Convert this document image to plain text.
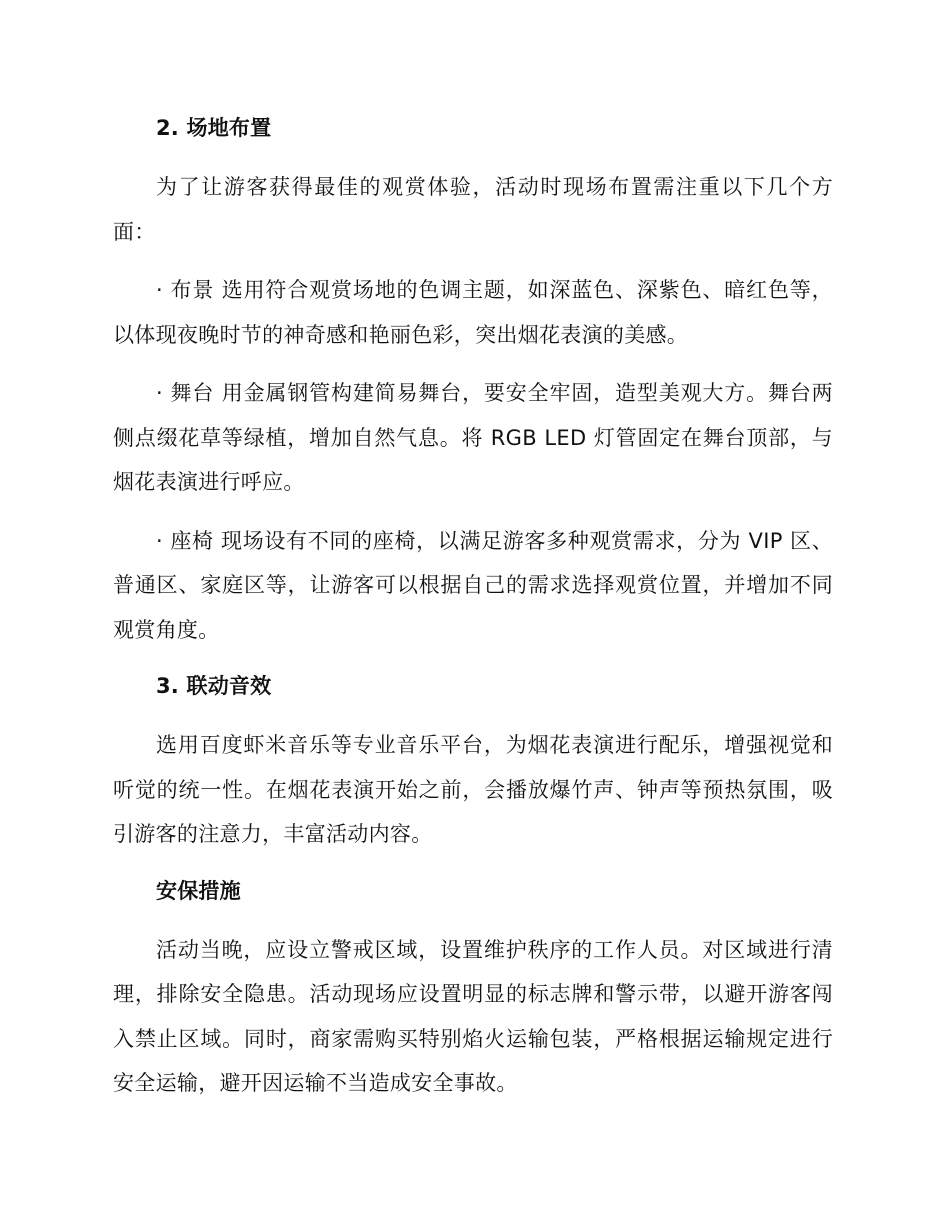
2. 场地布置

为了让游客获得最佳的观赏体验，活动时现场布置需注重以下几个方面：

· 布景 选用符合观赏场地的色调主题，如深蓝色、深紫色、暗红色等，以体现夜晚时节的神奇感和艳丽色彩，突出烟花表演的美感。

· 舞台 用金属钢管构建简易舞台，要安全牢固，造型美观大方。舞台两侧点缀花草等绿植，增加自然气息。将 RGB LED 灯管固定在舞台顶部，与烟花表演进行呼应。

· 座椅 现场设有不同的座椅，以满足游客多种观赏需求，分为 VIP 区、普通区、家庭区等，让游客可以根据自己的需求选择观赏位置，并增加不同观赏角度。

3. 联动音效

选用百度虾米音乐等专业音乐平台，为烟花表演进行配乐，增强视觉和听觉的统一性。在烟花表演开始之前，会播放爆竹声、钟声等预热氛围，吸引游客的注意力，丰富活动内容。

安保措施

活动当晚，应设立警戒区域，设置维护秩序的工作人员。对区域进行清理，排除安全隐患。活动现场应设置明显的标志牌和警示带，以避开游客闯入禁止区域。同时，商家需购买特别焰火运输包装，严格根据运输规定进行安全运输，避开因运输不当造成安全事故。
